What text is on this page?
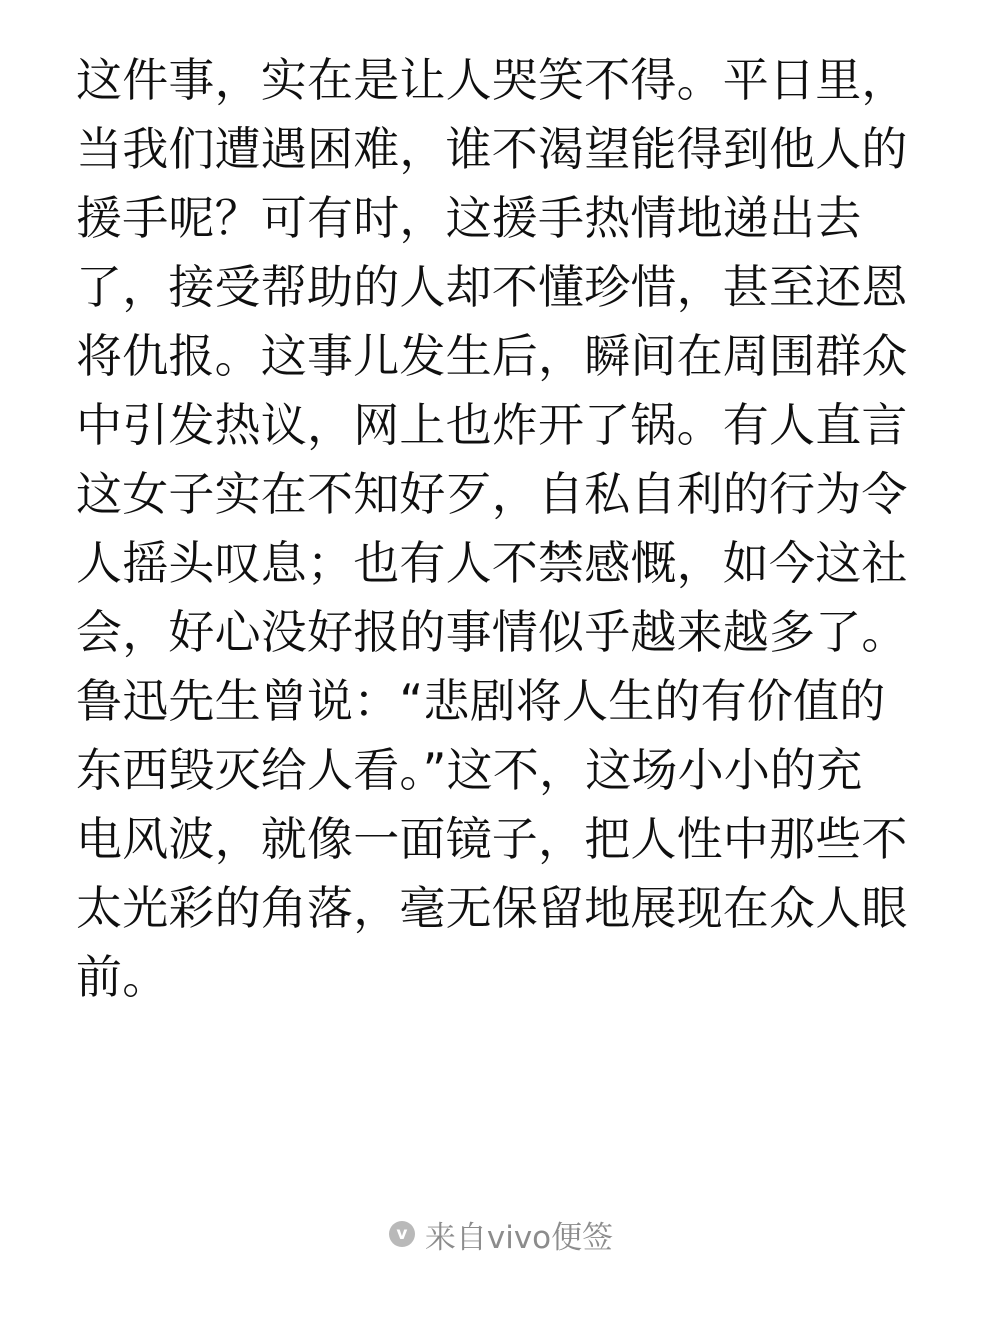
这件事，实在是让人哭笑不得。平日里，
当我们遭遇困难，谁不渴望能得到他人的
援手呢？可有时，这援手热情地递出去
了，接受帮助的人却不懂珍惜，甚至还恩
将仇报。这事儿发生后，瞬间在周围群众
中引发热议，网上也炸开了锅。有人直言
这女子实在不知好歹，自私自利的行为令
人摇头叹息；也有人不禁感慨，如今这社
会，好心没好报的事情似乎越来越多了。
鲁迅先生曾说：“悲剧将人生的有价值的
东西毁灭给人看。”这不，这场小小的充
电风波，就像一面镜子，把人性中那些不
太光彩的角落，毫无保留地展现在众人眼
前。
v 来自vivo便签
